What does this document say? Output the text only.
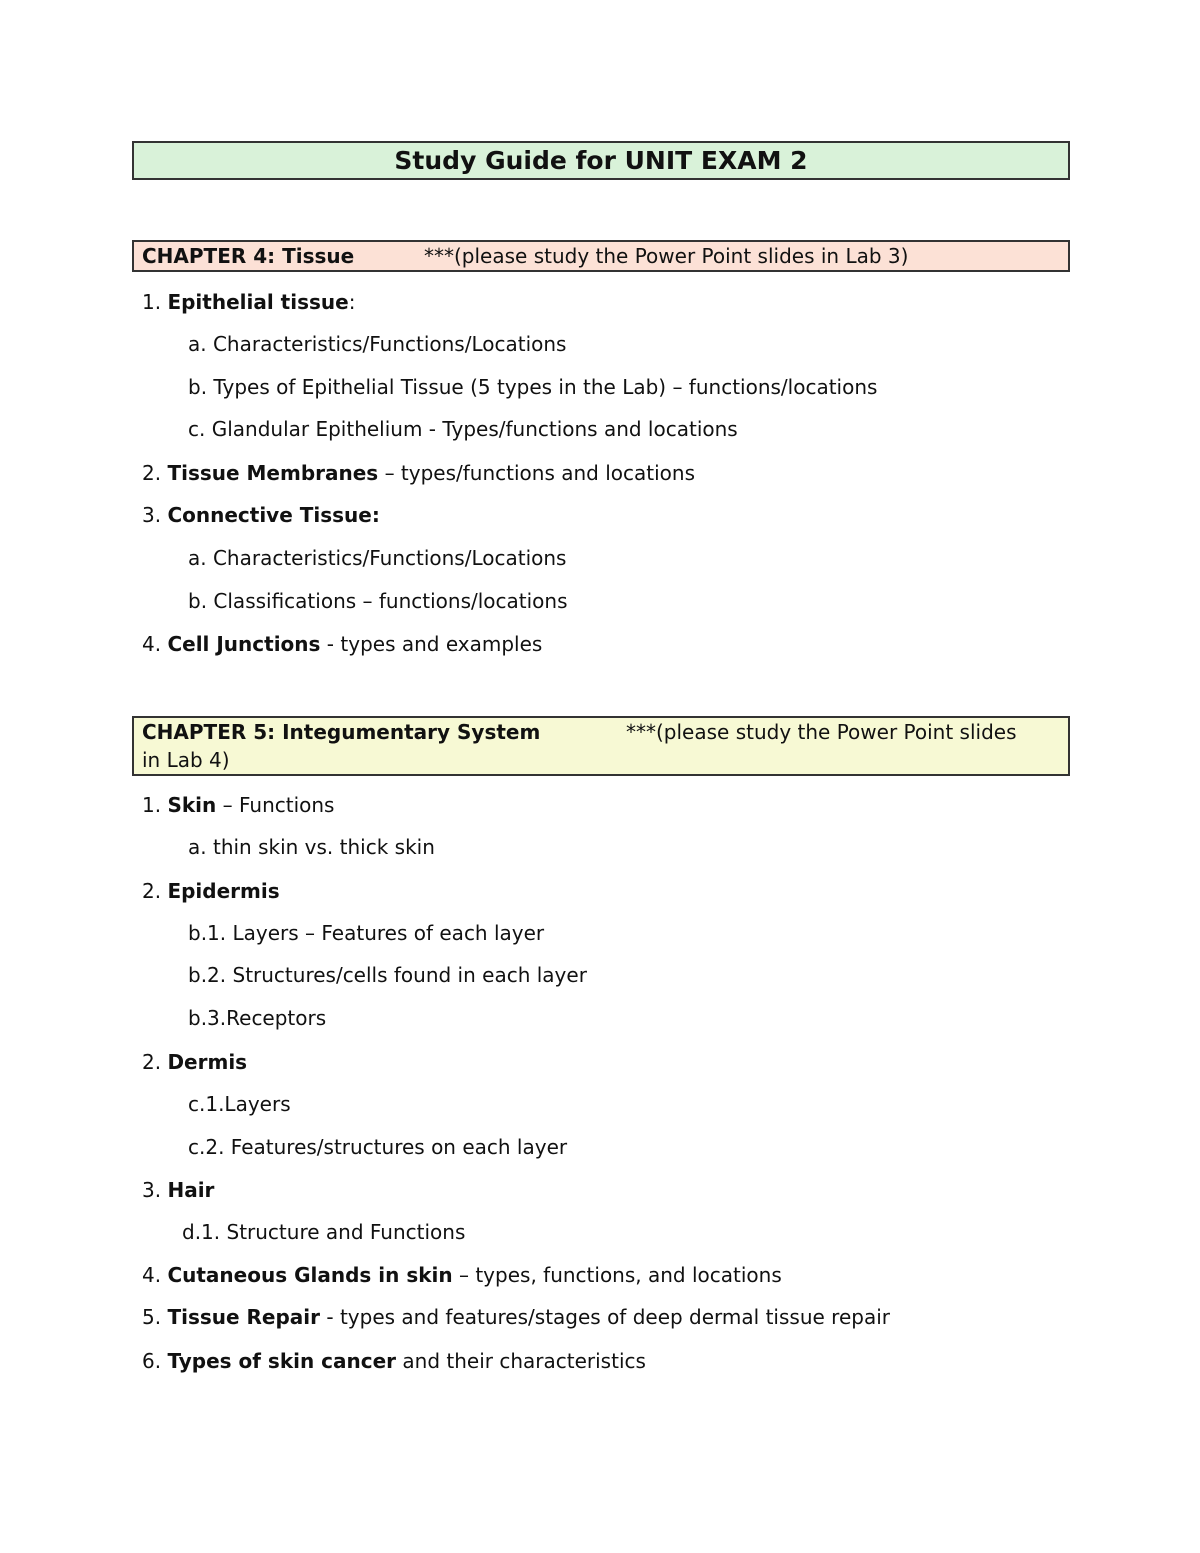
Study Guide for UNIT EXAM 2
CHAPTER 4: Tissue	***(please study the Power Point slides in Lab 3)
1. Epithelial tissue:
a. Characteristics/Functions/Locations
b. Types of Epithelial Tissue (5 types in the Lab) – functions/locations
c. Glandular Epithelium - Types/functions and locations
2. Tissue Membranes – types/functions and locations
3. Connective Tissue:
a. Characteristics/Functions/Locations
b. Classifications – functions/locations
4. Cell Junctions - types and examples
CHAPTER 5: Integumentary System	***(please study the Power Point slides
in Lab 4)
1. Skin – Functions
a. thin skin vs. thick skin
2. Epidermis
b.1. Layers – Features of each layer
b.2. Structures/cells found in each layer
b.3.Receptors
2. Dermis
c.1.Layers
c.2. Features/structures on each layer
3. Hair
d.1. Structure and Functions
4. Cutaneous Glands in skin – types, functions, and locations
5. Tissue Repair - types and features/stages of deep dermal tissue repair
6. Types of skin cancer and their characteristics
